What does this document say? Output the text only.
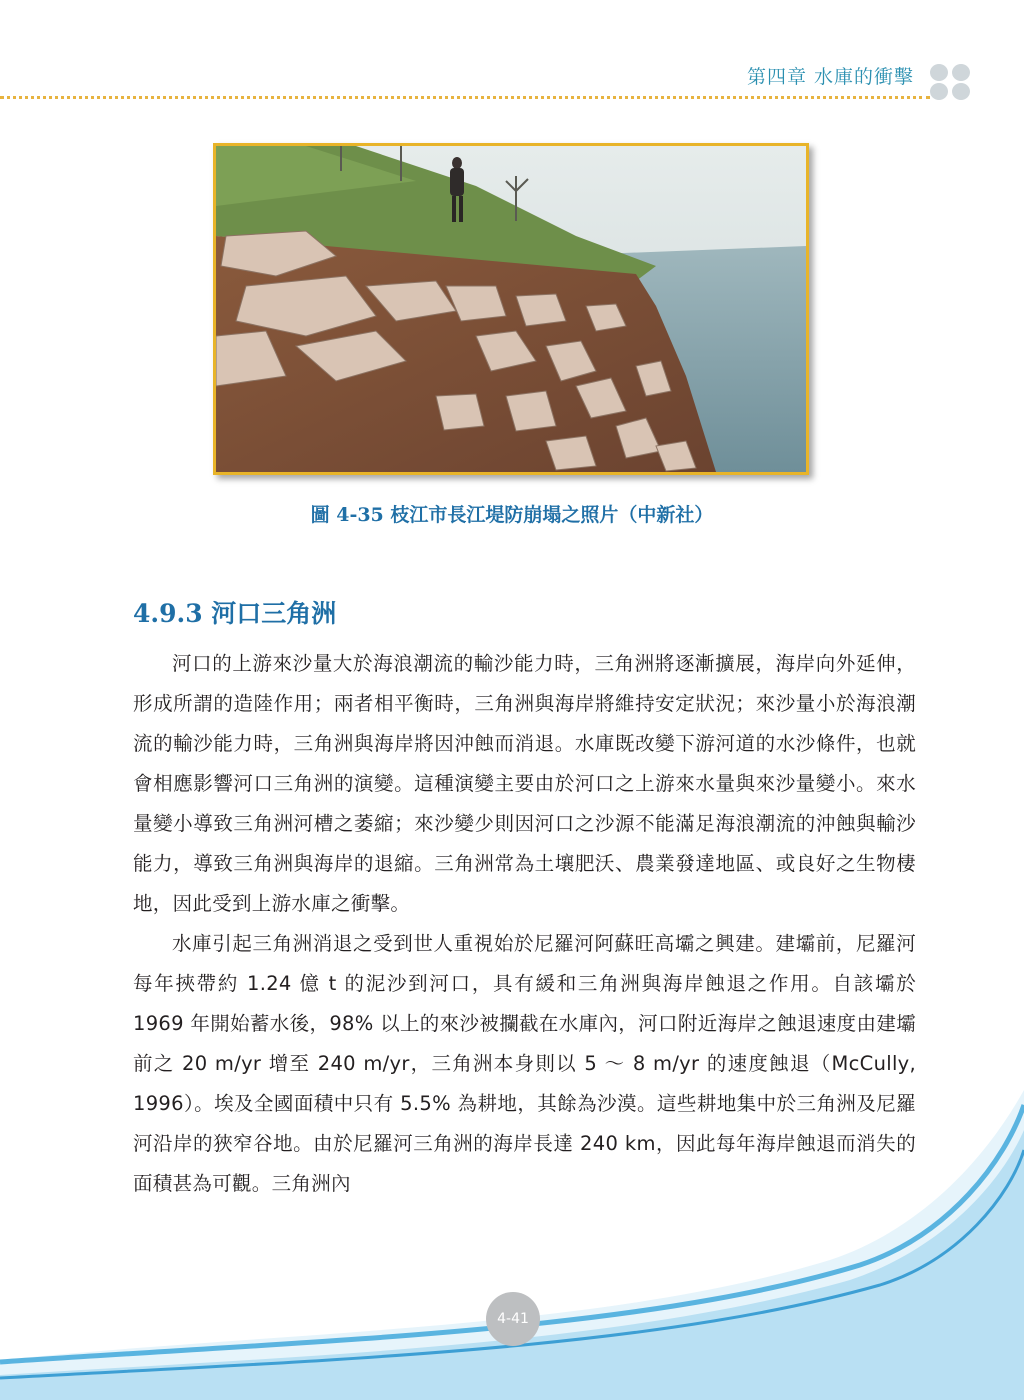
第四章 水庫的衝擊
圖 4-35 枝江市長江堤防崩塌之照片（中新社）
4.9.3 河口三角洲

河口的上游來沙量大於海浪潮流的輸沙能力時，三角洲將逐漸擴展，海岸向外延伸，形成所謂的造陸作用；兩者相平衡時，三角洲與海岸將維持安定狀況；來沙量小於海浪潮流的輸沙能力時，三角洲與海岸將因沖蝕而消退。水庫既改變下游河道的水沙條件，也就會相應影響河口三角洲的演變。這種演變主要由於河口之上游來水量與來沙量變小。來水量變小導致三角洲河槽之萎縮；來沙變少則因河口之沙源不能滿足海浪潮流的沖蝕與輸沙能力，導致三角洲與海岸的退縮。三角洲常為土壤肥沃、農業發達地區、或良好之生物棲地，因此受到上游水庫之衝擊。

水庫引起三角洲消退之受到世人重視始於尼羅河阿蘇旺高壩之興建。建壩前，尼羅河每年挾帶約 1.24 億 t 的泥沙到河口，具有緩和三角洲與海岸蝕退之作用。自該壩於 1969 年開始蓄水後，98% 以上的來沙被攔截在水庫內，河口附近海岸之蝕退速度由建壩前之 20 m/yr 增至 240 m/yr，三角洲本身則以 5 ～ 8 m/yr 的速度蝕退（McCully, 1996）。埃及全國面積中只有 5.5% 為耕地，其餘為沙漠。這些耕地集中於三角洲及尼羅河沿岸的狹窄谷地。由於尼羅河三角洲的海岸長達 240 km，因此每年海岸蝕退而消失的面積甚為可觀。三角洲內

4-41
